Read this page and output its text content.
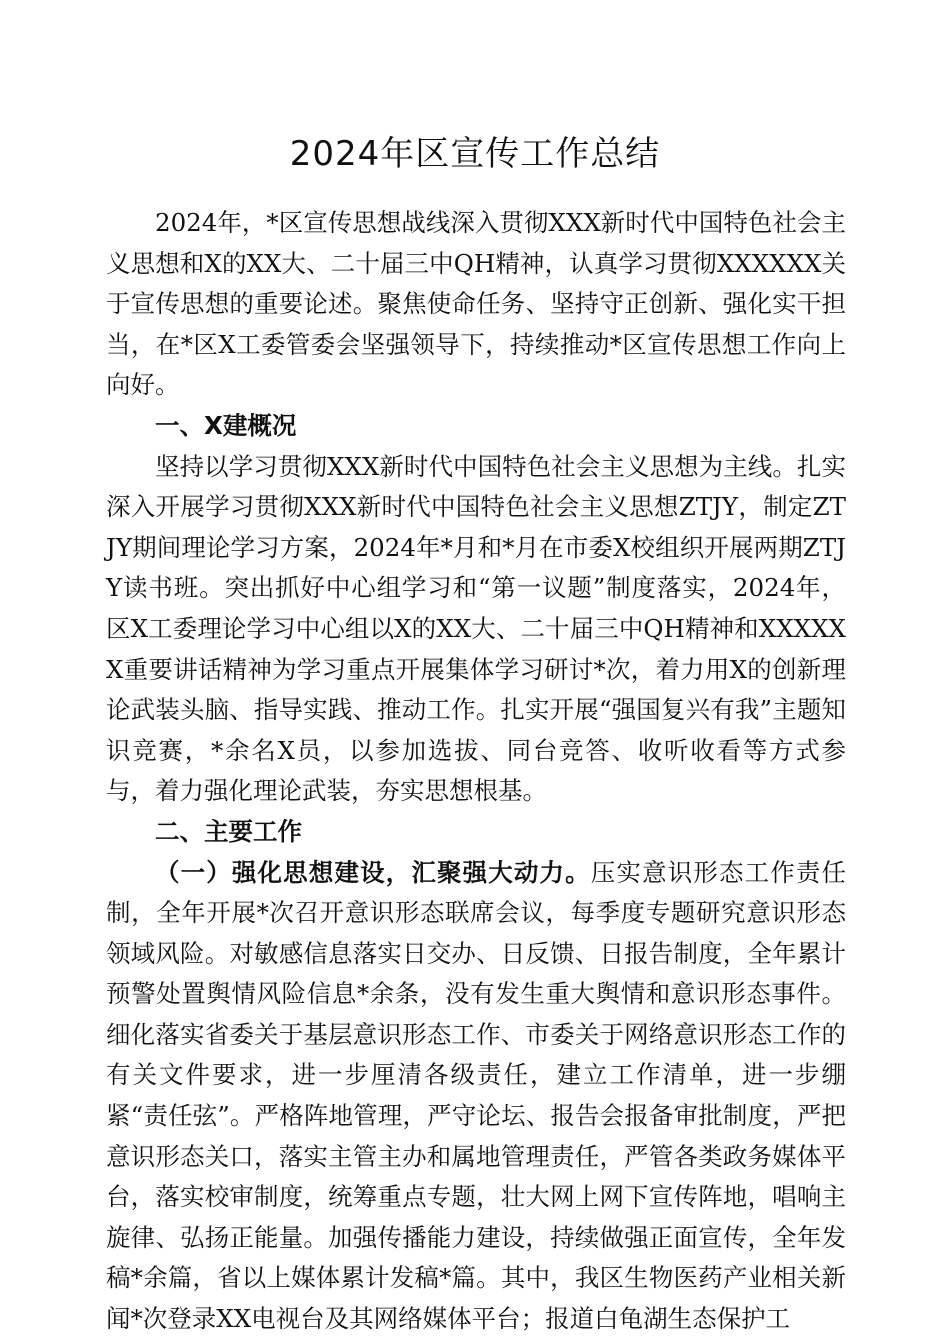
2024年区宣传工作总结

2024年，*区宣传思想战线深入贯彻XXX新时代中国特色社会主义思想和X的XX大、二十届三中QH精神，认真学习贯彻XXXXXX关于宣传思想的重要论述。聚焦使命任务、坚持守正创新、强化实干担当，在*区X工委管委会坚强领导下，持续推动*区宣传思想工作向上向好。

一、X建概况

坚持以学习贯彻XXX新时代中国特色社会主义思想为主线。扎实深入开展学习贯彻XXX新时代中国特色社会主义思想ZTJY，制定ZTJY期间理论学习方案，2024年*月和*月在市委X校组织开展两期ZTJY读书班。突出抓好中心组学习和“第一议题”制度落实，2024年，区X工委理论学习中心组以X的XX大、二十届三中QH精神和XXXXXX重要讲话精神为学习重点开展集体学习研讨*次，着力用X的创新理论武装头脑、指导实践、推动工作。扎实开展“强国复兴有我”主题知识竞赛，*余名X员，以参加选拔、同台竞答、收听收看等方式参与，着力强化理论武装，夯实思想根基。

二、主要工作

（一）强化思想建设，汇聚强大动力。压实意识形态工作责任制，全年开展*次召开意识形态联席会议，每季度专题研究意识形态领域风险。对敏感信息落实日交办、日反馈、日报告制度，全年累计预警处置舆情风险信息*余条，没有发生重大舆情和意识形态事件。细化落实省委关于基层意识形态工作、市委关于网络意识形态工作的有关文件要求，进一步厘清各级责任，建立工作清单，进一步绷紧“责任弦”。严格阵地管理，严守论坛、报告会报备审批制度，严把意识形态关口，落实主管主办和属地管理责任，严管各类政务媒体平台，落实校审制度，统筹重点专题，壮大网上网下宣传阵地，唱响主旋律、弘扬正能量。加强传播能力建设，持续做强正面宣传，全年发稿*余篇，省以上媒体累计发稿*篇。其中，我区生物医药产业相关新闻*次登录XX电视台及其网络媒体平台；报道白龟湖生态保护工
